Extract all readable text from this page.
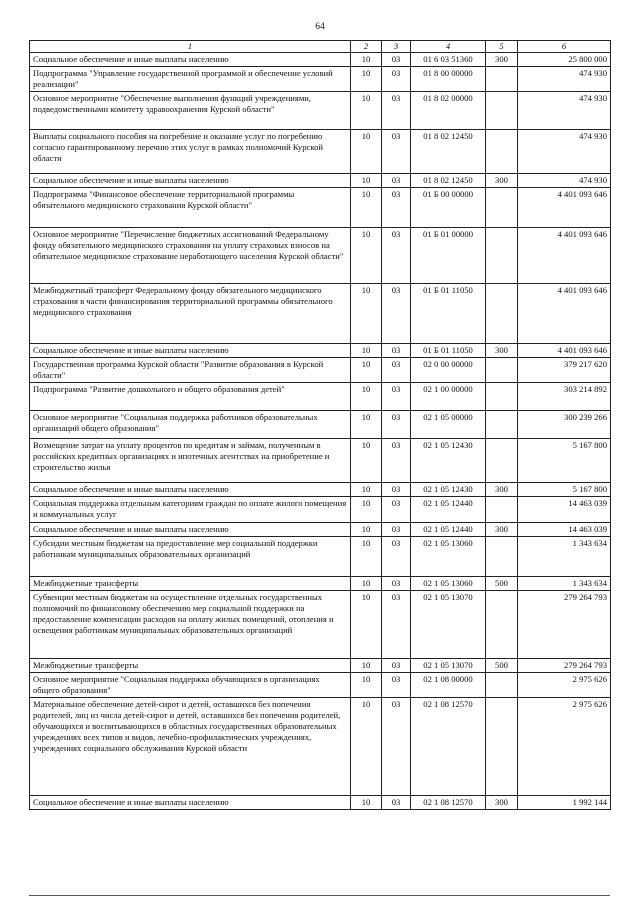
64
1	2	3	4	5	6
Социальное обеспечение и иные выплаты населению	10	03	01 6 03 51360	300	25 800 000
Подпрограмма "Управление государственной программой и обеспечение условий реализации"	10	03	01 8 00 00000		474 930
Основное мероприятие "Обеспечение выполнения функций учреждениями, подведомственными комитету здравоохранения Курской области"	10	03	01 8 02 00000		474 930
Выплаты социального пособия на погребение и оказание услуг по погребению согласно гарантированному перечню этих услуг в рамках полномочий Курской области	10	03	01 8 02 12450		474 930
Социальное обеспечение и иные выплаты населению	10	03	01 8 02 12450	300	474 930
Подпрограмма "Финансовое обеспечение территориальной программы обязательного медицинского страхования Курской области"	10	03	01 Б 00 00000		4 401 093 646
Основное мероприятие "Перечисление бюджетных ассигнований Федеральному фонду обязательного медицинского страхования на уплату страховых взносов на обязательное медицинское страхование неработающего населения Курской области"	10	03	01 Б 01 00000		4 401 093 646
Межбюджетный трансферт Федеральному фонду обязательного медицинского страхования в части финансирования территориальной программы обязательного медицинского страхования	10	03	01 Б 01 11050		4 401 093 646
Социальное обеспечение и иные выплаты населению	10	03	01 Б 01 11050	300	4 401 093 646
Государственная программа Курской области "Развитие образования в Курской области"	10	03	02 0 00 00000		379 217 620
Подпрограмма "Развитие дошкольного и общего образования детей"	10	03	02 1 00 00000		303 214 892
Основное мероприятие "Социальная поддержка работников образовательных организаций общего образования"	10	03	02 1 05 00000		300 239 266
Возмещение затрат на уплату процентов по кредитам и займам, полученным в российских кредитных организациях и ипотечных агентствах на приобретение и строительство жилья	10	03	02 1 05 12430		5 167 800
Социальное обеспечение и иные выплаты населению	10	03	02 1 05 12430	300	5 167 800
Социальная поддержка отдельным категориям граждан по оплате жилого помещения и коммунальных услуг	10	03	02 1 05 12440		14 463 039
Социальное обеспечение и иные выплаты населению	10	03	02 1 05 12440	300	14 463 039
Субсидии местным бюджетам на предоставление мер социальной поддержки работникам муниципальных образовательных организаций	10	03	02 1 05 13060		1 343 634
Межбюджетные трансферты	10	03	02 1 05 13060	500	1 343 634
Субвенции местным бюджетам на осуществление отдельных государственных полномочий по финансовому обеспечению мер социальной поддержки на предоставление компенсации расходов на оплату жилых помещений, отопления и освещения работникам муниципальных образовательных организаций	10	03	02 1 05 13070		279 264 793
Межбюджетные трансферты	10	03	02 1 05 13070	500	279 264 793
Основное мероприятие "Социальная поддержка обучающихся в организациях общего образования"	10	03	02 1 08 00000		2 975 626
Материальное обеспечение детей-сирот и детей, оставшихся без попечения родителей, лиц из числа детей-сирот и детей, оставшихся без попечения родителей, обучающихся и воспитывающихся в областных государственных образовательных учреждениях всех типов и видов, лечебно-профилактических учреждениях, учреждениях социального обслуживания Курской области	10	03	02 1 08 12570		2 975 626
Социальное обеспечение и иные выплаты населению	10	03	02 1 08 12570	300	1 992 144
